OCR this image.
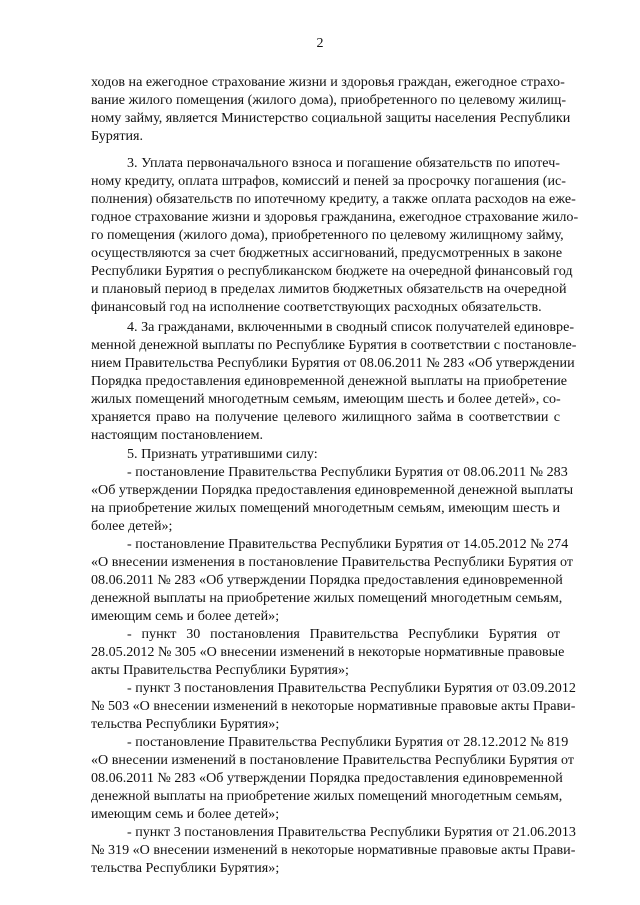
2
ходов на ежегодное страхование жизни и здоровья граждан, ежегодное страхо-
вание жилого помещения (жилого дома), приобретенного по целевому жилищ-
ному займу, является Министерство социальной защиты населения Республики
Бурятия.
3. Уплата первоначального взноса и погашение обязательств по ипотеч-
ному кредиту, оплата штрафов, комиссий и пеней за просрочку погашения (ис-
полнения) обязательств по ипотечному кредиту, а также оплата расходов на еже-
годное страхование жизни и здоровья гражданина, ежегодное страхование жило-
го помещения (жилого дома), приобретенного по целевому жилищному займу,
осуществляются за счет бюджетных ассигнований, предусмотренных в законе
Республики Бурятия о республиканском бюджете на очередной финансовый год
и плановый период в пределах лимитов бюджетных обязательств на очередной
финансовый год на исполнение соответствующих расходных обязательств.
4. За гражданами, включенными в сводный список получателей единовре-
менной денежной выплаты по Республике Бурятия в соответствии с постановле-
нием Правительства Республики Бурятия от 08.06.2011 № 283 «Об утверждении
Порядка предоставления единовременной денежной выплаты на приобретение
жилых помещений многодетным семьям, имеющим шесть и более детей», со-
храняется право на получение целевого жилищного займа в соответствии с
настоящим постановлением.
5. Признать утратившими силу:
- постановление Правительства Республики Бурятия от 08.06.2011 № 283
«Об утверждении Порядка предоставления единовременной денежной выплаты
на приобретение жилых помещений многодетным семьям, имеющим шесть и
более детей»;
- постановление Правительства Республики Бурятия от 14.05.2012 № 274
«О внесении изменения в постановление Правительства Республики Бурятия от
08.06.2011 № 283 «Об утверждении Порядка предоставления единовременной
денежной выплаты на приобретение жилых помещений многодетным семьям,
имеющим семь и более детей»;
- пункт 30 постановления Правительства Республики Бурятия от
28.05.2012 № 305 «О внесении изменений в некоторые нормативные правовые
акты Правительства Республики Бурятия»;
- пункт 3 постановления Правительства Республики Бурятия от 03.09.2012
№ 503 «О внесении изменений в некоторые нормативные правовые акты Прави-
тельства Республики Бурятия»;
- постановление Правительства Республики Бурятия от 28.12.2012 № 819
«О внесении изменений в постановление Правительства Республики Бурятия от
08.06.2011 № 283 «Об утверждении Порядка предоставления единовременной
денежной выплаты на приобретение жилых помещений многодетным семьям,
имеющим семь и более детей»;
- пункт 3 постановления Правительства Республики Бурятия от 21.06.2013
№ 319 «О внесении изменений в некоторые нормативные правовые акты Прави-
тельства Республики Бурятия»;
